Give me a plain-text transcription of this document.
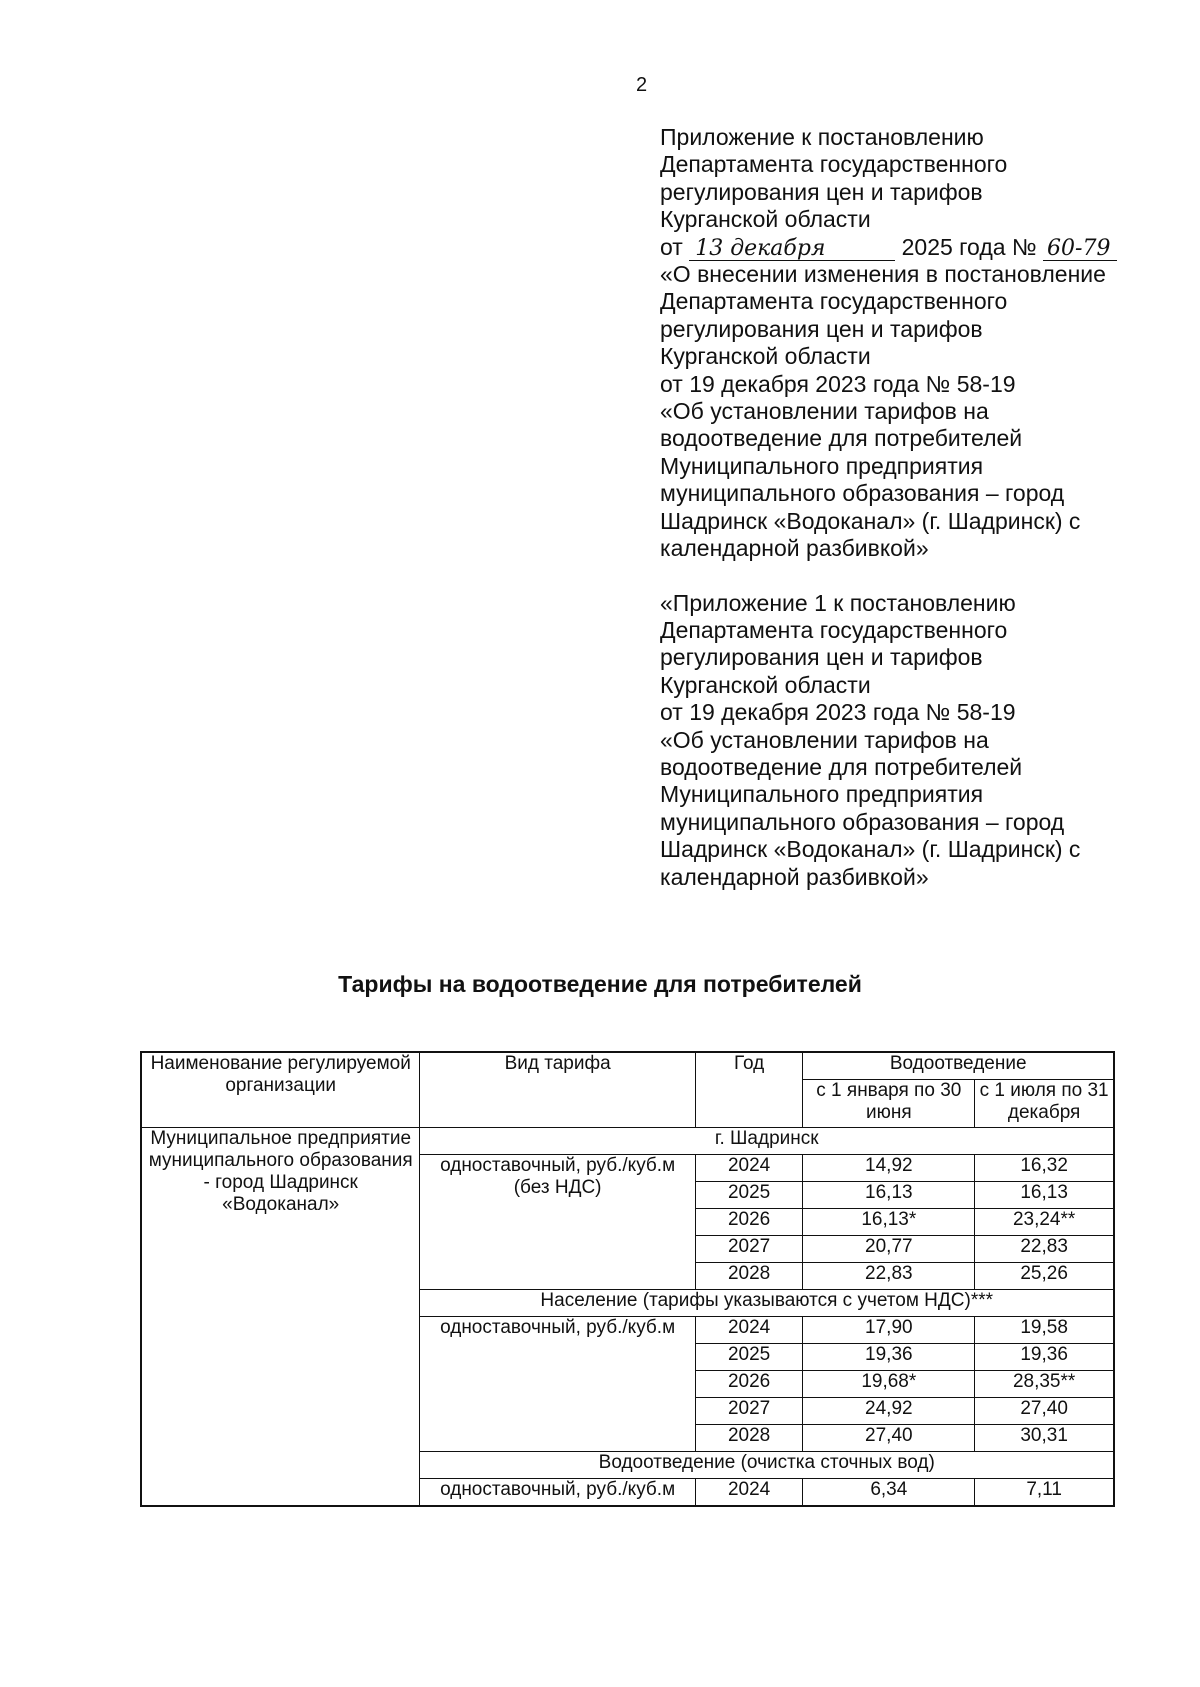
2
Приложение к постановлению
Департамента государственного
регулирования цен и тарифов
Курганской области
от 13 декабря	2025 года № 60-79
«О внесении изменения в постановление
Департамента государственного
регулирования цен и тарифов
Курганской области
от 19 декабря 2023 года № 58-19
«Об установлении тарифов на
водоотведение для потребителей
Муниципального предприятия
муниципального образования – город
Шадринск «Водоканал» (г. Шадринск) с
календарной разбивкой»
«Приложение 1 к постановлению
Департамента государственного
регулирования цен и тарифов
Курганской области
от 19 декабря 2023 года № 58-19
«Об установлении тарифов на
водоотведение для потребителей
Муниципального предприятия
муниципального образования – город
Шадринск «Водоканал» (г. Шадринск) с
календарной разбивкой»
Тарифы на водоотведение для потребителей
Наименование регулируемой организации	Вид тарифа	Год	Водоотведение	
			с 1 января по 30 июня	с 1 июля по 31 декабря
Муниципальное предприятие муниципального образования - город Шадринск «Водоканал»	г. Шадринск			
	одноставочный, руб./куб.м (без НДС)	2024	14,92	16,32
		2025	16,13	16,13
		2026	16,13*	23,24**
		2027	20,77	22,83
		2028	22,83	25,26
	Население (тарифы указываются с учетом НДС)***			
	одноставочный, руб./куб.м	2024	17,90	19,58
		2025	19,36	19,36
		2026	19,68*	28,35**
		2027	24,92	27,40
		2028	27,40	30,31
	Водоотведение (очистка сточных вод)			
	одноставочный, руб./куб.м	2024	6,34	7,11
